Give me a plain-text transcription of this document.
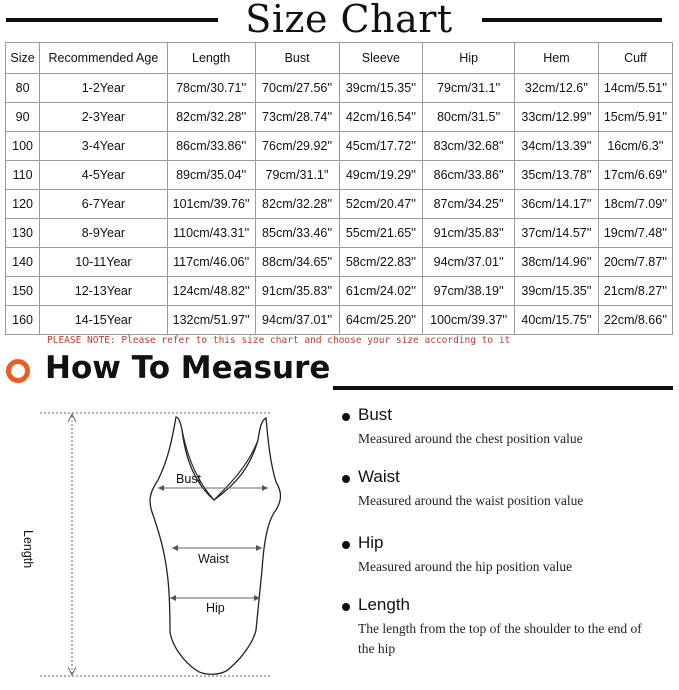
Size Chart
Size	Recommended Age	Length	Bust	Sleeve	Hip	Hem	Cuff
80	1-2Year	78cm/30.71''	70cm/27.56''	39cm/15.35''	79cm/31.1''	32cm/12.6''	14cm/5.51''
90	2-3Year	82cm/32.28''	73cm/28.74''	42cm/16.54''	80cm/31.5''	33cm/12.99''	15cm/5.91''
100	3-4Year	86cm/33.86''	76cm/29.92''	45cm/17.72''	83cm/32.68''	34cm/13.39''	16cm/6.3''
110	4-5Year	89cm/35.04''	79cm/31.1''	49cm/19.29''	86cm/33.86''	35cm/13.78''	17cm/6.69''
120	6-7Year	101cm/39.76''	82cm/32.28''	52cm/20.47''	87cm/34.25''	36cm/14.17''	18cm/7.09''
130	8-9Year	110cm/43.31''	85cm/33.46''	55cm/21.65''	91cm/35.83''	37cm/14.57''	19cm/7.48''
140	10-11Year	117cm/46.06''	88cm/34.65''	58cm/22.83''	94cm/37.01''	38cm/14.96''	20cm/7.87''
150	12-13Year	124cm/48.82''	91cm/35.83''	61cm/24.02''	97cm/38.19''	39cm/15.35''	21cm/8.27''
160	14-15Year	132cm/51.97''	94cm/37.01''	64cm/25.20''	100cm/39.37''	40cm/15.75''	22cm/8.66''
PLEASE NOTE: Please refer to this size chart and choose your size according to it
How To Measure
Bust
Waist
Hip
Length
Bust
Measured around the chest position value
Waist
Measured around the waist position value
Hip
Measured around the hip position value
Length
The length from the top of the shoulder to the end of the hip
